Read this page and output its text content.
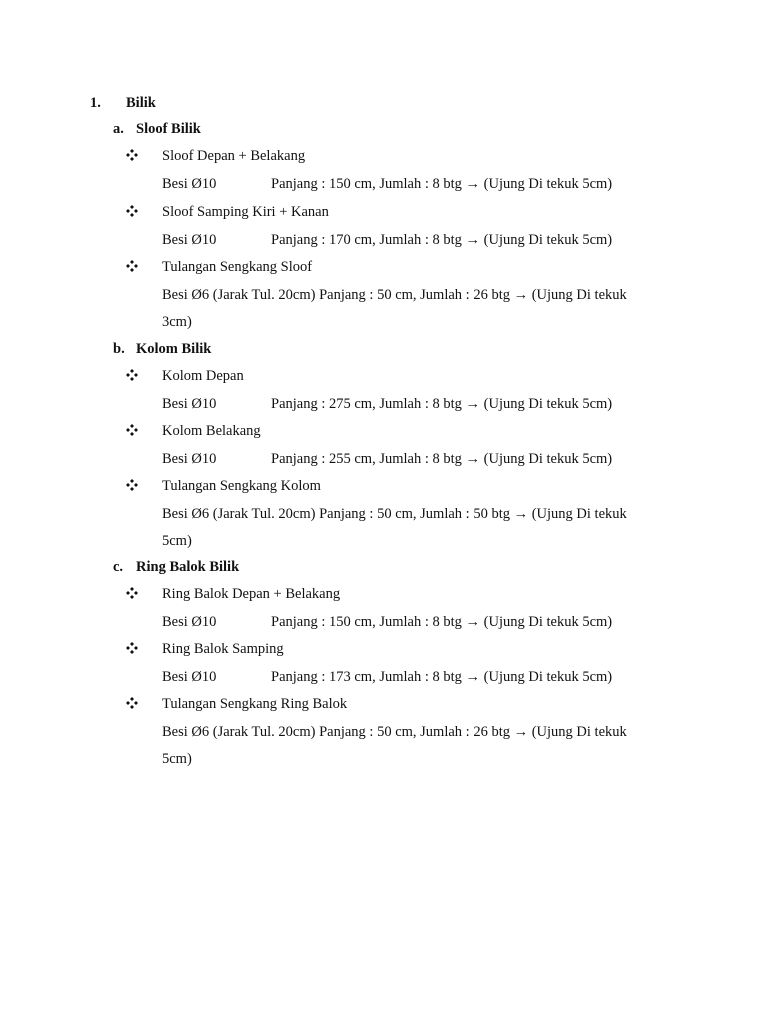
1. Bilik
a. Sloof Bilik
Sloof Depan + Belakang
Besi Ø10	Panjang : 150 cm, Jumlah : 8 btg → (Ujung Di tekuk 5cm)
Sloof Samping Kiri + Kanan
Besi Ø10	Panjang : 170 cm, Jumlah : 8 btg → (Ujung Di tekuk 5cm)
Tulangan Sengkang Sloof
Besi Ø6 (Jarak Tul. 20cm) Panjang : 50 cm, Jumlah : 26 btg → (Ujung Di tekuk
3cm)
b. Kolom Bilik
Kolom Depan
Besi Ø10	Panjang : 275 cm, Jumlah : 8 btg → (Ujung Di tekuk 5cm)
Kolom Belakang
Besi Ø10	Panjang : 255 cm, Jumlah : 8 btg → (Ujung Di tekuk 5cm)
Tulangan Sengkang Kolom
Besi Ø6 (Jarak Tul. 20cm) Panjang : 50 cm, Jumlah : 50 btg → (Ujung Di tekuk
5cm)
c. Ring Balok Bilik
Ring Balok Depan + Belakang
Besi Ø10	Panjang : 150 cm, Jumlah : 8 btg → (Ujung Di tekuk 5cm)
Ring Balok Samping
Besi Ø10	Panjang : 173 cm, Jumlah : 8 btg → (Ujung Di tekuk 5cm)
Tulangan Sengkang Ring Balok
Besi Ø6 (Jarak Tul. 20cm) Panjang : 50 cm, Jumlah : 26 btg → (Ujung Di tekuk
5cm)
